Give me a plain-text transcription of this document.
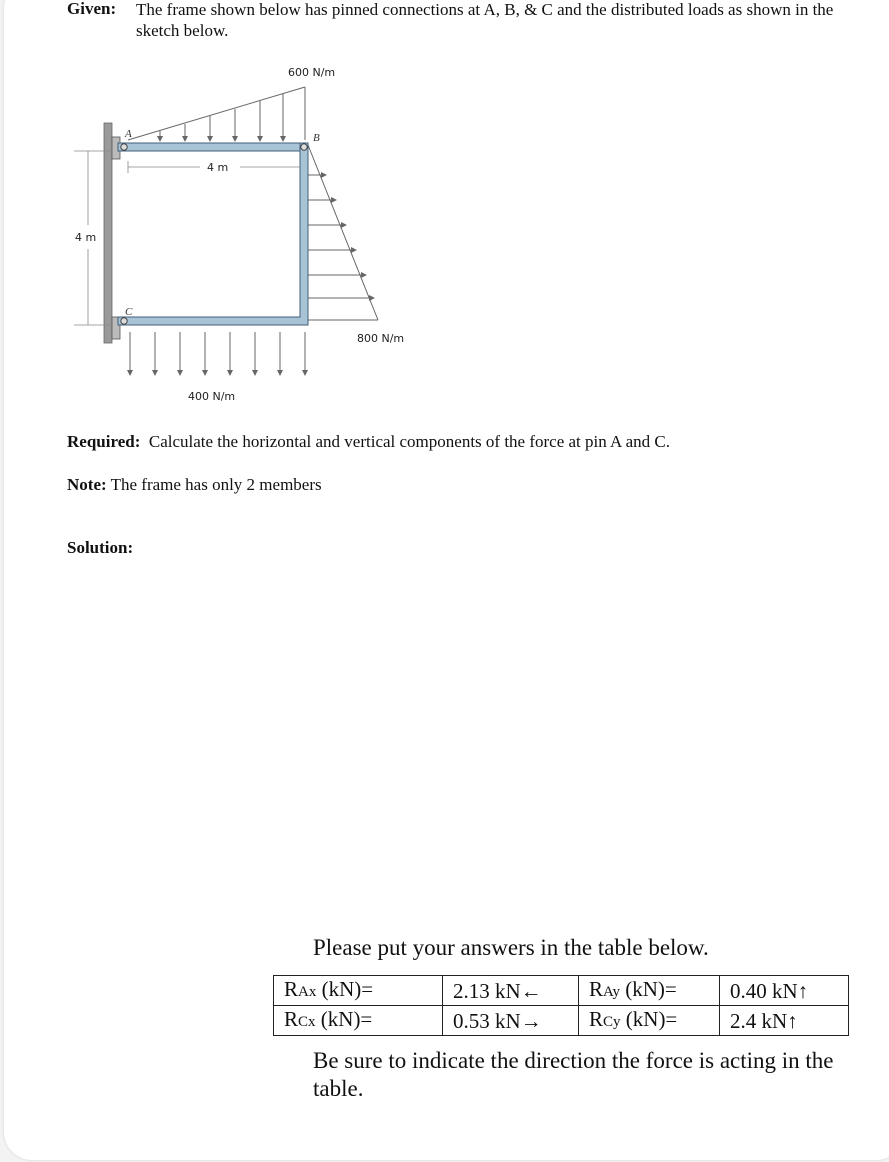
Given: The frame shown below has pinned connections at A, B, & C and the distributed loads as shown in the sketch below.
600 N/m
800 N/m
400 N/m
A	B
C
4 m
4 m
Required: Calculate the horizontal and vertical components of the force at pin A and C.
Note: The frame has only 2 members
Solution:
Please put your answers in the table below.
RAx (kN)=	2.13 kN←	RAy (kN)=	0.40 kN↑
RCx (kN)=	0.53 kN→	RCy (kN)=	2.4 kN↑
Be sure to indicate the direction the force is acting in the table.
